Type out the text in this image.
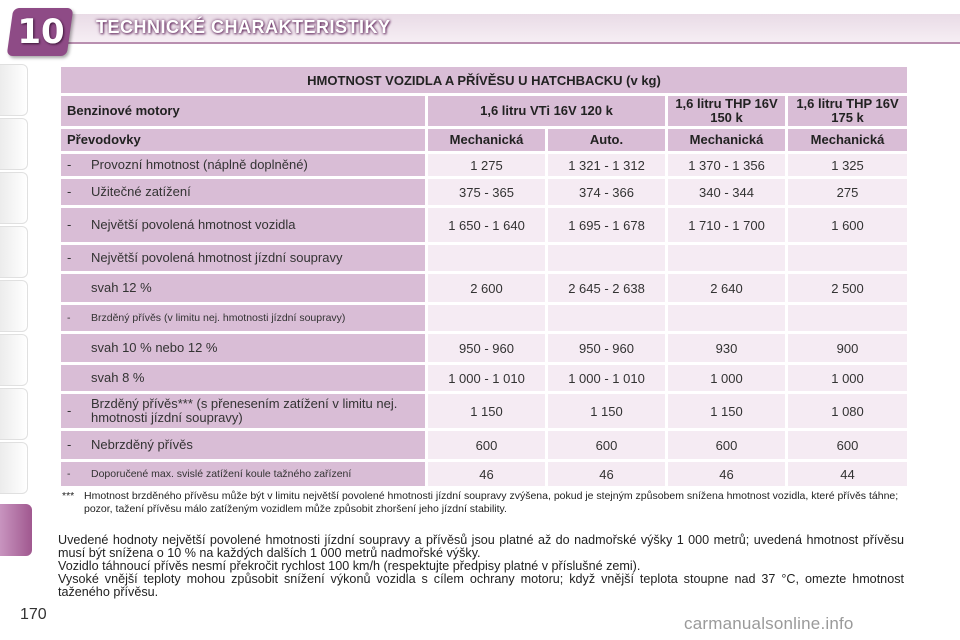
10 TECHNICKÉ CHARAKTERISTIKY
HMOTNOST VOZIDLA A PŘÍVĚSU U HATCHBACKU (v kg)				
Benzinové motory	1,6 litru VTi 16V 120 k		1,6 litru THP 16V 150 k	1,6 litru THP 16V 175 k
Převodovky	Mechanická	Auto.	Mechanická	Mechanická

- Provozní hmotnost (náplně doplněné)	1 275	1 321 - 1 312	1 370 - 1 356	1 325

- Užitečné zatížení	375 - 365	374 - 366	340 - 344	275

- Největší povolená hmotnost vozidla	1 650 - 1 640	1 695 - 1 678	1 710 - 1 700	1 600

- Největší povolená hmotnost jízdní soupravy				

svah 12 %	2 600	2 645 - 2 638	2 640	2 500

- Brzděný přívěs (v limitu nej. hmotnosti jízdní soupravy)				

svah 10 % nebo 12 %	950 - 960	950 - 960	930	900

svah 8 %	1 000 - 1 010	1 000 - 1 010	1 000	1 000

- Brzděný přívěs*** (s přenesením zatížení v limitu nej. hmotnosti jízdní soupravy)	1 150	1 150	1 150	1 080

- Nebrzděný přívěs	600	600	600	600

- Doporučené max. svislé zatížení koule tažného zařízení	46	46	46	44
*** Hmotnost brzděného přívěsu může být v limitu největší povolené hmotnosti jízdní soupravy zvýšena, pokud je stejným způsobem snížena hmotnost vozidla, které přívěs táhne; pozor, tažení přívěsu málo zatíženým vozidlem může způsobit zhoršení jeho jízdní stability.

Uvedené hodnoty největší povolené hmotnosti jízdní soupravy a přívěsů jsou platné až do nadmořské výšky 1 000 metrů; uvedená hmotnost přívěsu musí být snížena o 10 % na každých dalších 1 000 metrů nadmořské výšky.

Vozidlo táhnoucí přívěs nesmí překročit rychlost 100 km/h (respektujte předpisy platné v příslušné zemi).

Vysoké vnější teploty mohou způsobit snížení výkonů vozidla s cílem ochrany motoru; když vnější teplota stoupne nad 37 °C, omezte hmotnost taženého přívěsu.

170	carmanualsonline.info
